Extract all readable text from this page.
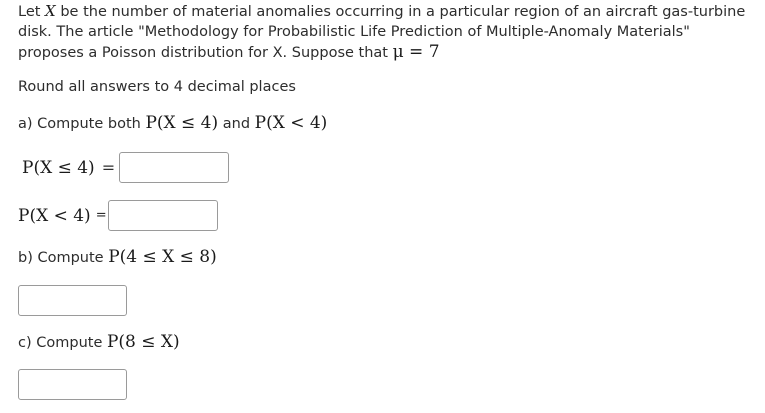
Let X be the number of material anomalies occurring in a particular region of an aircraft gas-turbine
disk. The article "Methodology for Probabilistic Life Prediction of Multiple-Anomaly Materials"
proposes a Poisson distribution for X. Suppose that μ = 7

Round all answers to 4 decimal places
a) Compute both P(X ≤ 4) and P(X < 4)
P(X ≤ 4) =
P(X < 4) =
b) Compute P(4 ≤ X ≤ 8)
c) Compute P(8 ≤ X)
